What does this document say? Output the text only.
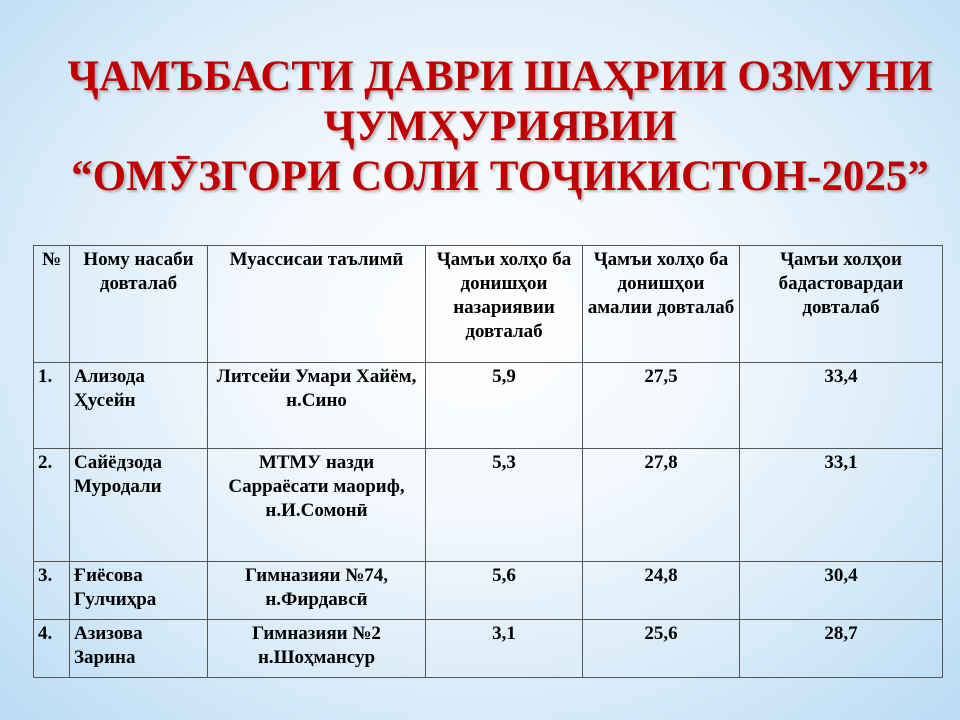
ҶАМЪБАСТИ ДАВРИ ШАҲРИИ ОЗМУНИ
ҶУМҲУРИЯВИИ
“ОМӮЗГОРИ СОЛИ ТОҶИКИСТОН-2025”
№	Ному насаби довталаб	Муассисаи таълимӣ	Ҷамъи холҳо ба донишҳои назариявии довталаб	Ҷамъи холҳо ба донишҳои амалии довталаб	Ҷамъи холҳои бадастовардаи довталаб
1.	Ализода Ҳусейн	Литсейи Умари Хайём, н.Сино	5,9	27,5	33,4
2.	Сайёдзода Муродали	МТМУ назди Сарраёсати маориф, н.И.Сомонӣ	5,3	27,8	33,1
3.	Ғиёсова Гулчиҳра	Гимназияи №74, н.Фирдавсӣ	5,6	24,8	30,4
4.	Азизова Зарина	Гимназияи №2 н.Шоҳмансур	3,1	25,6	28,7
